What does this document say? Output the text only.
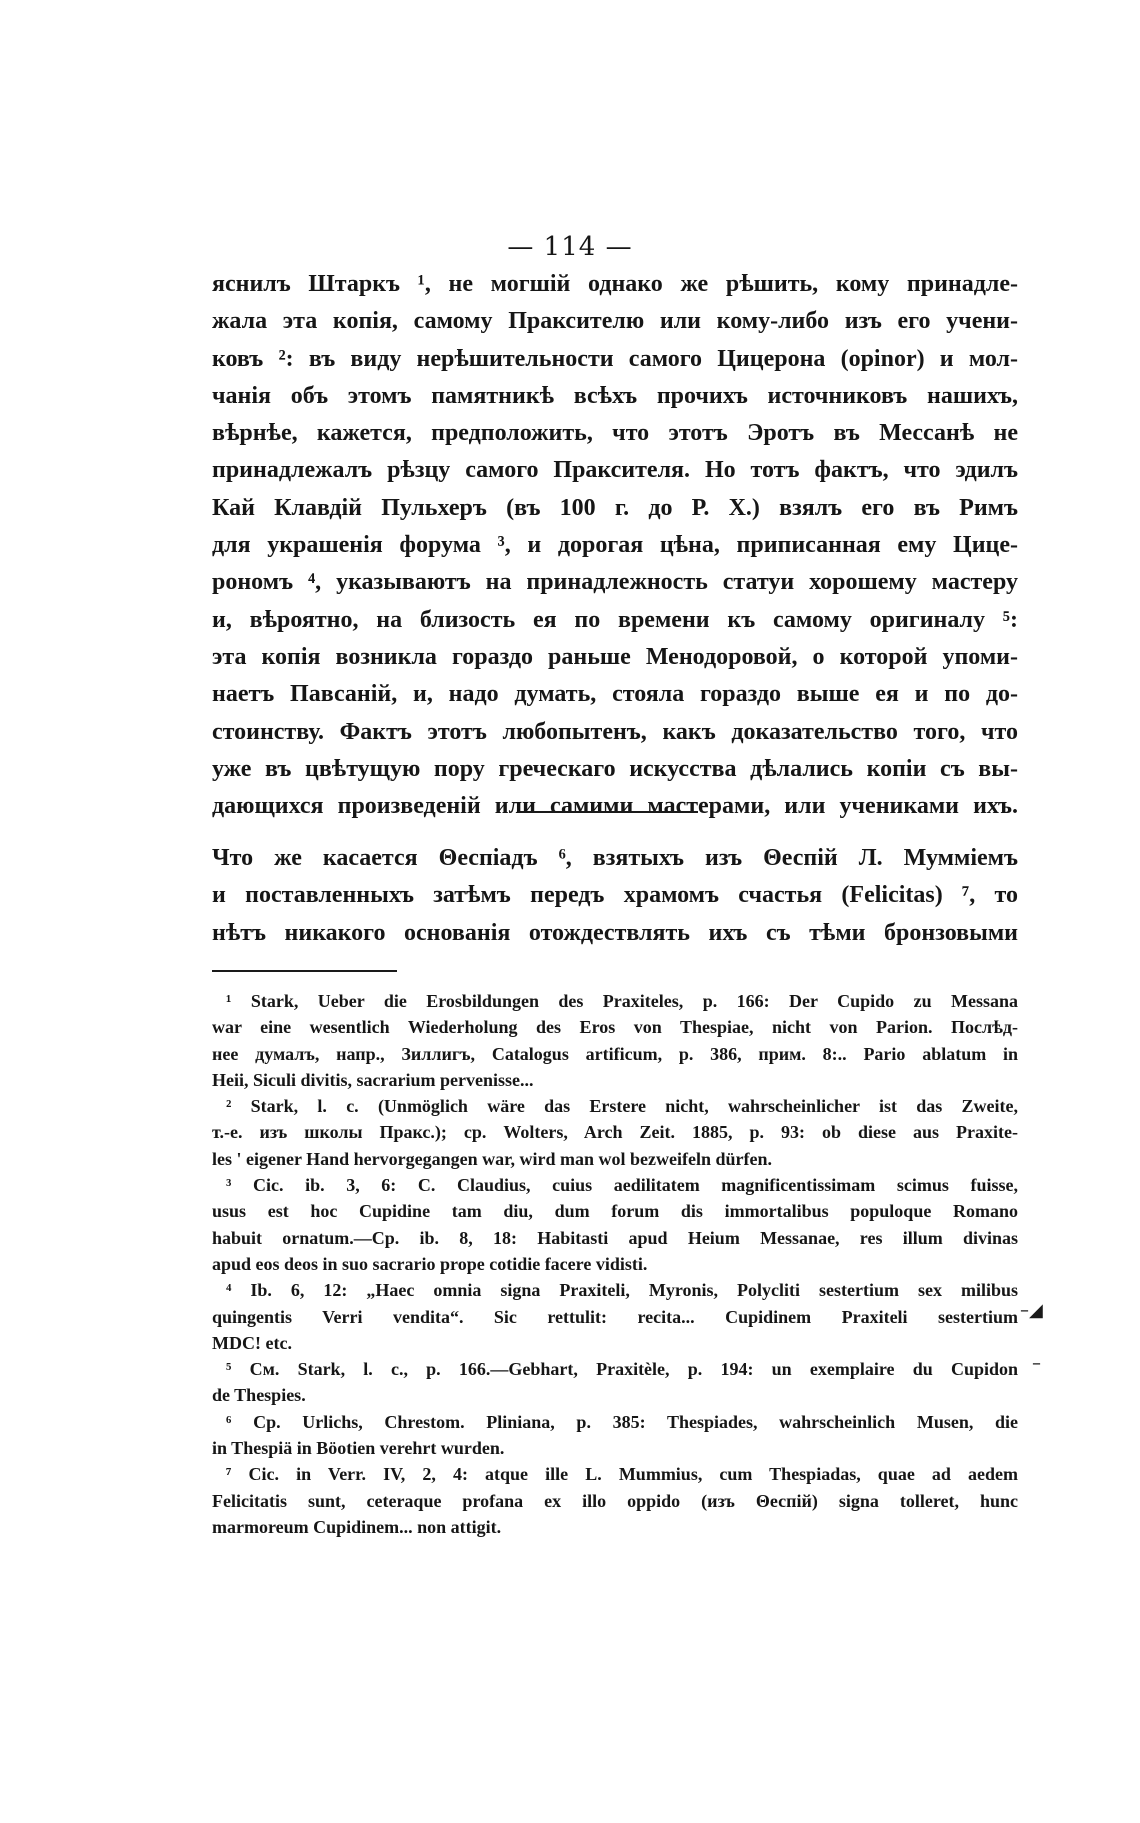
— 114 —
яснилъ Штаркъ ¹, не могшій однако же рѣшить, кому принадле-
жала эта копія, самому Праксителю или кому-либо изъ его учени-
ковъ ²: въ виду нерѣшительности самого Цицерона (opinor) и мол-
чанія объ этомъ памятникѣ всѣхъ прочихъ источниковъ нашихъ,
вѣрнѣе, кажется, предположить, что этотъ Эротъ въ Мессанѣ не
принадлежалъ рѣзцу самого Праксителя. Но тотъ фактъ, что эдилъ
Кай Клавдій Пульхеръ (въ 100 г. до Р. X.) взялъ его въ Римъ
для украшенія форума ³, и дорогая цѣна, приписанная ему Цице-
рономъ ⁴, указываютъ на принадлежность статуи хорошему мастеру
и, вѣроятно, на близость ея по времени къ самому оригиналу ⁵:
эта копія возникла гораздо раньше Менодоровой, о которой упоми-
наетъ Павсаній, и, надо думать, стояла гораздо выше ея и по до-
стоинству. Фактъ этотъ любопытенъ, какъ доказательство того, что
уже въ цвѣтущую пору греческаго искусства дѣлались копіи съ вы-
дающихся произведеній или самими мастерами, или учениками ихъ.
Что же касается Θеспіадъ ⁶, взятыхъ изъ Θеспій Л. Муммiемъ
и поставленныхъ затѣмъ передъ храмомъ счастья (Felicitas) ⁷, то
нѣтъ никакого основанія отождествлять ихъ съ тѣми бронзовыми
¹ Stark, Ueber die Erosbildungen des Praxiteles, p. 166: Der Cupido zu Messana
war eine wesentlich Wiederholung des Eros von Thespiae, nicht von Parion. Послѣд-
нее думалъ, напр., Зиллигъ, Catalogus artificum, p. 386, прим. 8:.. Pario ablatum in
Heii, Siculi divitis, sacrarium pervenisse...
² Stark, l. c. (Unmöglich wäre das Erstere nicht, wahrscheinlicher ist das Zweite,
т.-е. изъ школы Пракс.); ср. Wolters, Arch Zeit. 1885, p. 93: ob diese aus Praxite-
les ' eigener Hand hervorgegangen war, wird man wol bezweifeln dürfen.
³ Cic. ib. 3, 6: C. Claudius, cuius aedilitatem magnificentissimam scimus fuisse,
usus est hoc Cupidine tam diu, dum forum dis immortalibus populoque Romano
habuit ornatum.—Cp. ib. 8, 18: Habitasti apud Heium Messanae, res illum divinas
apud eos deos in suo sacrario prope cotidie facere vidisti.
⁴ Ib. 6, 12: „Haec omnia signa Praxiteli, Myronis, Polycliti sestertium sex milibus
quingentis Verri vendita“. Sic rettulit: recita... Cupidinem Praxiteli sestertium
MDC! etc.
⁵ См. Stark, l. c., p. 166.—Gebhart, Praxitèle, p. 194: un exemplaire du Cupidon
de Thespies.
⁶ Ср. Urlichs, Chrestom. Pliniana, p. 385: Thespiades, wahrscheinlich Musen, die
in Thespiä in Böotien verehrt wurden.
⁷ Cic. in Verr. IV, 2, 4: atque ille L. Mummius, cum Thespiadas, quae ad aedem
Felicitatis sunt, ceteraque profana ex illo oppido (изъ Θеспій) signa tolleret, hunc
marmoreum Cupidinem... non attigit.
–◢
–
